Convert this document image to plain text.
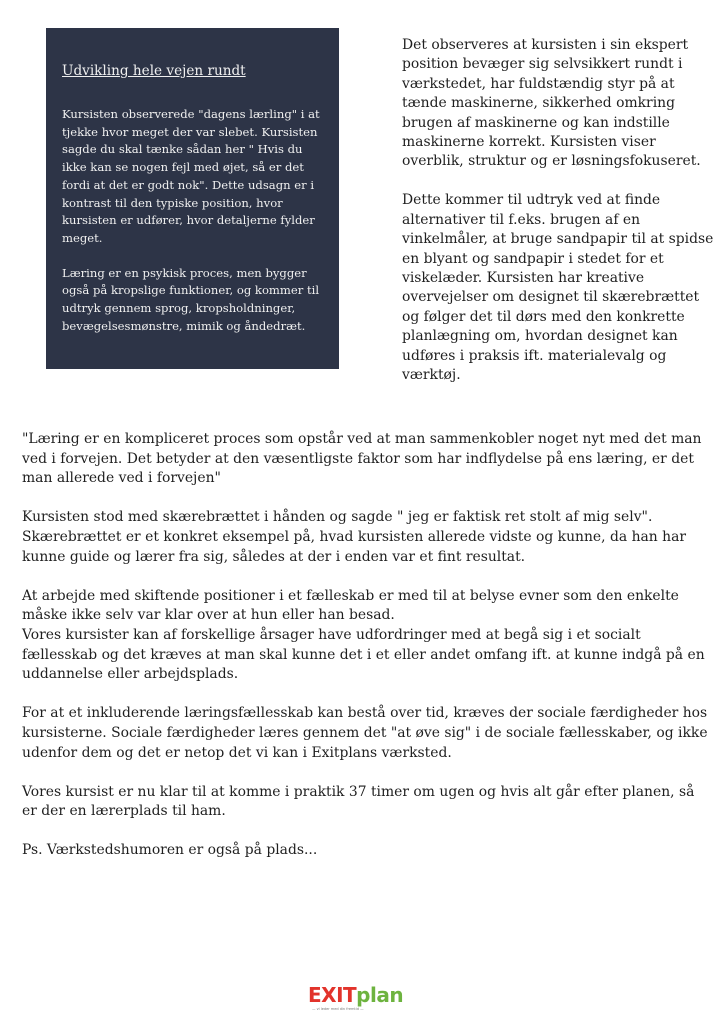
Udvikling hele vejen rundt

Kursisten observerede "dagens lærling" i at tjekke hvor meget der var slebet. Kursisten sagde du skal tænke sådan her " Hvis du ikke kan se nogen fejl med øjet, så er det fordi at det er godt nok". Dette udsagn er i kontrast til den typiske position, hvor kursisten er udfører, hvor detaljerne fylder meget.

Læring er en psykisk proces, men bygger også på kropslige funktioner, og kommer til udtryk gennem sprog, kropsholdninger, bevægelsesmønstre, mimik og åndedræt.

Det observeres at kursisten i sin ekspert position bevæger sig selvsikkert rundt i værkstedet, har fuldstændig styr på at tænde maskinerne, sikkerhed omkring brugen af maskinerne og kan indstille maskinerne korrekt. Kursisten viser overblik, struktur og er løsningsfokuseret.

Dette kommer til udtryk ved at finde alternativer til f.eks. brugen af en vinkelmåler, at bruge sandpapir til at spidse en blyant og sandpapir i stedet for et viskelæder. Kursisten har kreative overvejelser om designet til skærebrættet og følger det til dørs med den konkrette planlægning om, hvordan designet kan udføres i praksis ift. materialevalg og værktøj.

"Læring er en kompliceret proces som opstår ved at man sammenkobler noget nyt med det man ved i forvejen. Det betyder at den væsentligste faktor som har indflydelse på ens læring, er det man allerede ved i forvejen"

Kursisten stod med skærebrættet i hånden og sagde " jeg er faktisk ret stolt af mig selv". Skærebrættet er et konkret eksempel på, hvad kursisten allerede vidste og kunne, da han har kunne guide og lærer fra sig, således at der i enden var et fint resultat.

At arbejde med skiftende positioner i et fælleskab er med til at belyse evner som den enkelte måske ikke selv var klar over at hun eller han besad.
Vores kursister kan af forskellige årsager have udfordringer med at begå sig i et socialt fællesskab og det kræves at man skal kunne det i et eller andet omfang ift. at kunne indgå på en uddannelse eller arbejdsplads.

For at et inkluderende læringsfællesskab kan bestå over tid, kræves der sociale færdigheder hos kursisterne. Sociale færdigheder læres gennem det "at øve sig" i de sociale fællesskaber, og ikke udenfor dem og det er netop det vi kan i Exitplans værksted.

Vores kursist er nu klar til at komme i praktik 37 timer om ugen og hvis alt går efter planen, så er der en lærerplads til ham.

Ps. Værkstedshumoren er også på plads...

EXITplan
— vi leder med din fremtid —
